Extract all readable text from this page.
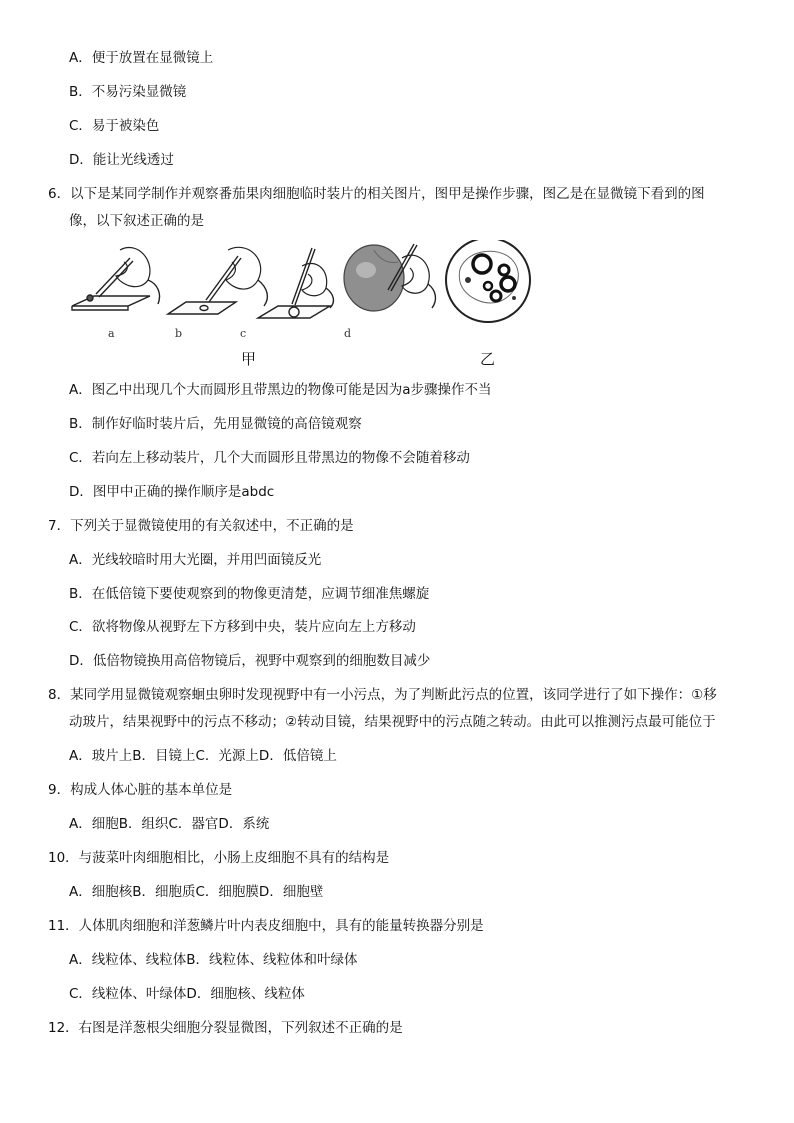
A．便于放置在显微镜上
B．不易污染显微镜
C．易于被染色
D．能让光线透过
6．以下是某同学制作并观察番茄果肉细胞临时装片的相关图片，图甲是操作步骤，图乙是在显微镜下看到的图
像，以下叙述正确的是
a	b	c	d
甲	乙
A．图乙中出现几个大而圆形且带黑边的物像可能是因为a步骤操作不当
B．制作好临时装片后，先用显微镜的高倍镜观察
C．若向左上移动装片，几个大而圆形且带黑边的物像不会随着移动
D．图甲中正确的操作顺序是abdc
7．下列关于显微镜使用的有关叙述中，不正确的是
A．光线较暗时用大光圈，并用凹面镜反光
B．在低倍镜下要使观察到的物像更清楚，应调节细准焦螺旋
C．欲将物像从视野左下方移到中央，装片应向左上方移动
D．低倍物镜换用高倍物镜后，视野中观察到的细胞数目减少
8．某同学用显微镜观察蛔虫卵时发现视野中有一小污点，为了判断此污点的位置，该同学进行了如下操作：①移
动玻片，结果视野中的污点不移动；②转动目镜，结果视野中的污点随之转动。由此可以推测污点最可能位于
A．玻片上B．目镜上C．光源上D．低倍镜上
9．构成人体心脏的基本单位是
A．细胞B．组织C．器官D．系统
10．与菠菜叶肉细胞相比，小肠上皮细胞不具有的结构是
A．细胞核B．细胞质C．细胞膜D．细胞壁
11．人体肌肉细胞和洋葱鳞片叶内表皮细胞中，具有的能量转换器分别是
A．线粒体、线粒体B．线粒体、线粒体和叶绿体
C．线粒体、叶绿体D．细胞核、线粒体
12．右图是洋葱根尖细胞分裂显微图，下列叙述不正确的是
